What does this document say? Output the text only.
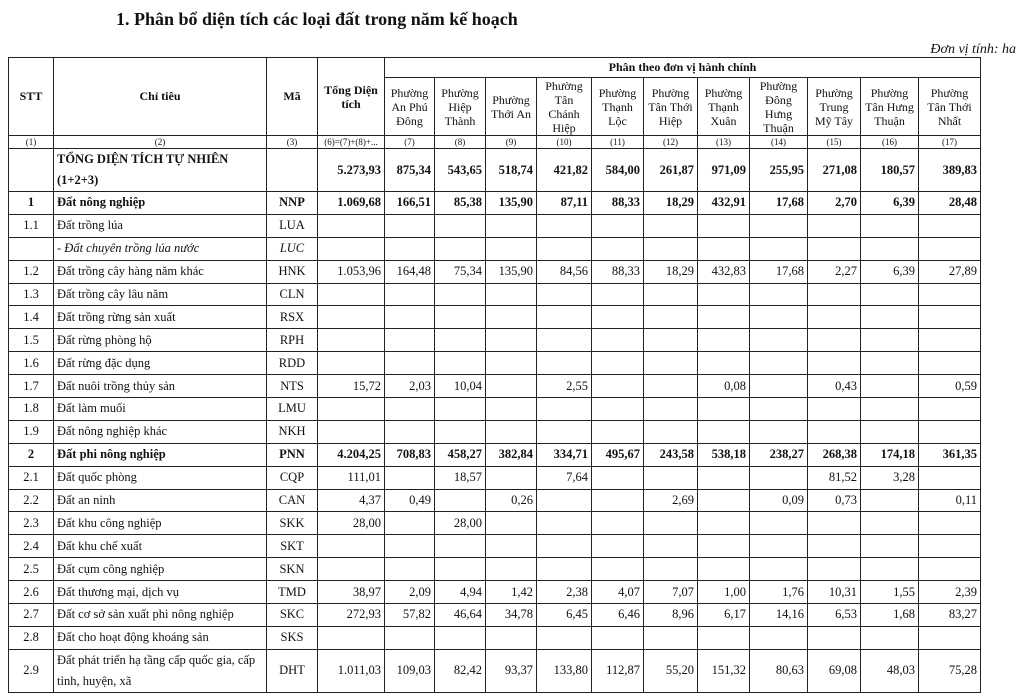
1. Phân bổ diện tích các loại đất trong năm kế hoạch
Đơn vị tính: ha
STT	Chỉ tiêu	Mã	Tổng Diện tích	Phân theo đơn vị hành chính										
				Phường An Phú Đông	Phường Hiệp Thành	Phường Thới An	Phường Tân Chánh Hiệp	Phường Thạnh Lộc	Phường Tân Thới Hiệp	Phường Thạnh Xuân	Phường Đông Hưng Thuận	Phường Trung Mỹ Tây	Phường Tân Hưng Thuận	Phường Tân Thới Nhất
(1)	(2)	(3)	(6)=(7)+(8)+...	(7)	(8)	(9)	(10)	(11)	(12)	(13)	(14)	(15)	(16)	(17)
	TỔNG DIỆN TÍCH TỰ NHIÊN (1+2+3)		5.273,93	875,34	543,65	518,74	421,82	584,00	261,87	971,09	255,95	271,08	180,57	389,83
1	Đất nông nghiệp	NNP	1.069,68	166,51	85,38	135,90	87,11	88,33	18,29	432,91	17,68	2,70	6,39	28,48
1.1	Đất trồng lúa	LUA												
	- Đất chuyên trồng lúa nước	LUC												
1.2	Đất trồng cây hàng năm khác	HNK	1.053,96	164,48	75,34	135,90	84,56	88,33	18,29	432,83	17,68	2,27	6,39	27,89
1.3	Đất trồng cây lâu năm	CLN												
1.4	Đất trồng rừng sản xuất	RSX												
1.5	Đất rừng phòng hộ	RPH												
1.6	Đất rừng đặc dụng	RDD												
1.7	Đất nuôi trồng thủy sản	NTS	15,72	2,03	10,04		2,55			0,08		0,43		0,59
1.8	Đất làm muối	LMU												
1.9	Đất nông nghiệp khác	NKH												
2	Đất phi nông nghiệp	PNN	4.204,25	708,83	458,27	382,84	334,71	495,67	243,58	538,18	238,27	268,38	174,18	361,35
2.1	Đất quốc phòng	CQP	111,01		18,57		7,64					81,52	3,28	
2.2	Đất an ninh	CAN	4,37	0,49		0,26			2,69		0,09	0,73		0,11
2.3	Đất khu công nghiệp	SKK	28,00		28,00									
2.4	Đất khu chế xuất	SKT												
2.5	Đất cụm công nghiệp	SKN												
2.6	Đất thương mại, dịch vụ	TMD	38,97	2,09	4,94	1,42	2,38	4,07	7,07	1,00	1,76	10,31	1,55	2,39
2.7	Đất cơ sở sản xuất phi nông nghiệp	SKC	272,93	57,82	46,64	34,78	6,45	6,46	8,96	6,17	14,16	6,53	1,68	83,27
2.8	Đất cho hoạt động khoáng sản	SKS												
2.9	Đất phát triển hạ tầng cấp quốc gia, cấp tỉnh, huyện, xã	DHT	1.011,03	109,03	82,42	93,37	133,80	112,87	55,20	151,32	80,63	69,08	48,03	75,28
